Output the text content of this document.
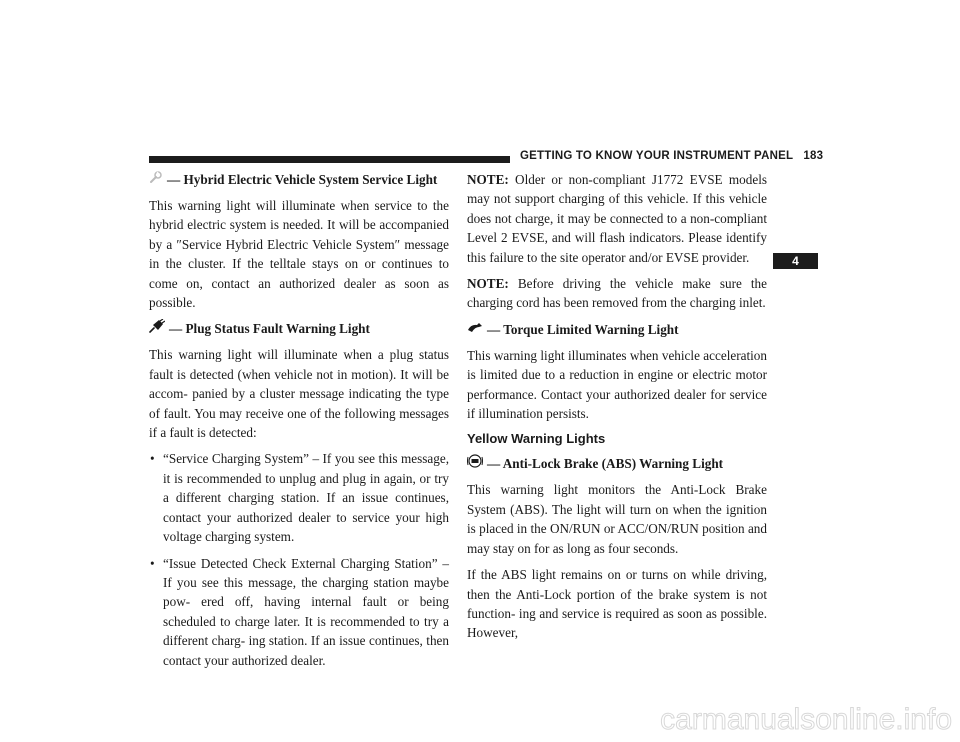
GETTING TO KNOW YOUR INSTRUMENT PANEL 183
4
— Hybrid Electric Vehicle System Service Light

This warning light will illuminate when service to the hybrid electric system is needed. It will be accompanied by a ″Service Hybrid Electric Vehicle System″ message in the cluster. If the telltale stays on or continues to come on, contact an authorized dealer as soon as possible.

— Plug Status Fault Warning Light

This warning light will illuminate when a plug status fault is detected (when vehicle not in motion). It will be accom- panied by a cluster message indicating the type of fault. You may receive one of the following messages if a fault is detected:

• “Service Charging System” – If you see this message, it is recommended to unplug and plug in again, or try a different charging station. If an issue continues, contact your authorized dealer to service your high voltage charging system.
• “Issue Detected Check External Charging Station” – If you see this message, the charging station maybe pow- ered off, having internal fault or being scheduled to charge later. It is recommended to try a different charg- ing station. If an issue continues, then contact your authorized dealer.

NOTE: Older or non-compliant J1772 EVSE models may not support charging of this vehicle. If this vehicle does not charge, it may be connected to a non-compliant Level 2 EVSE, and will flash indicators. Please identify this failure to the site operator and/or EVSE provider.

NOTE: Before driving the vehicle make sure the charging cord has been removed from the charging inlet.

— Torque Limited Warning Light

This warning light illuminates when vehicle acceleration is limited due to a reduction in engine or electric motor performance. Contact your authorized dealer for service if illumination persists.

Yellow Warning Lights
— Anti-Lock Brake (ABS) Warning Light

This warning light monitors the Anti-Lock Brake System (ABS). The light will turn on when the ignition is placed in the ON/RUN or ACC/ON/RUN position and may stay on for as long as four seconds.

If the ABS light remains on or turns on while driving, then the Anti-Lock portion of the brake system is not function- ing and service is required as soon as possible. However,

carmanualsonline.info
